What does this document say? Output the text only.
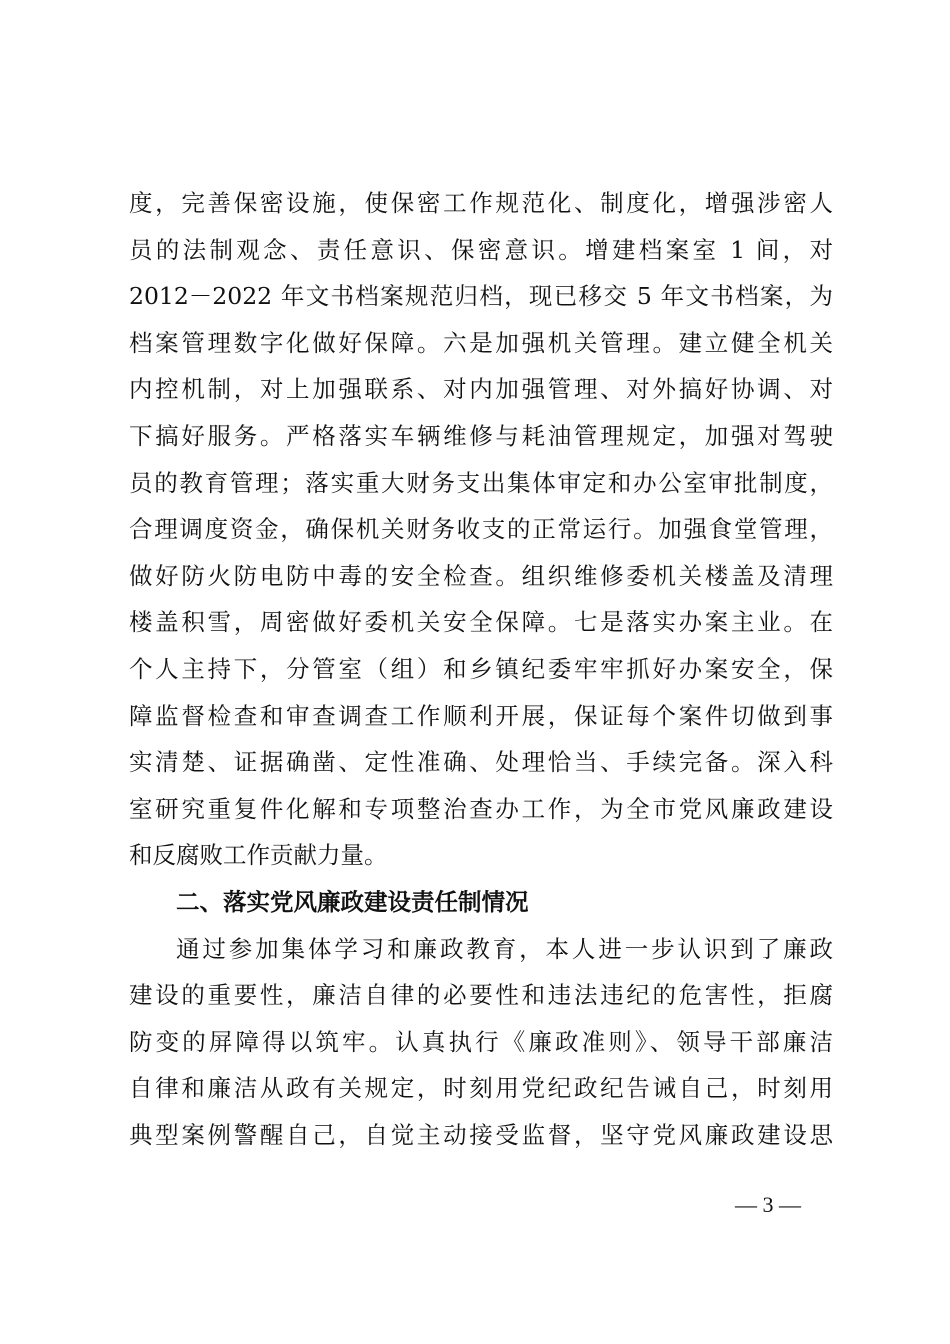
度，完善保密设施，使保密工作规范化、制度化，增强涉密人
员的法制观念、责任意识、保密意识。增建档案室 1 间，对
2012－2022 年文书档案规范归档，现已移交 5 年文书档案，为
档案管理数字化做好保障。六是加强机关管理。建立健全机关
内控机制，对上加强联系、对内加强管理、对外搞好协调、对
下搞好服务。严格落实车辆维修与耗油管理规定，加强对驾驶
员的教育管理；落实重大财务支出集体审定和办公室审批制度，
合理调度资金，确保机关财务收支的正常运行。加强食堂管理，
做好防火防电防中毒的安全检查。组织维修委机关楼盖及清理
楼盖积雪，周密做好委机关安全保障。七是落实办案主业。在
个人主持下，分管室（组）和乡镇纪委牢牢抓好办案安全，保
障监督检查和审查调查工作顺利开展，保证每个案件切做到事
实清楚、证据确凿、定性准确、处理恰当、手续完备。深入科
室研究重复件化解和专项整治查办工作，为全市党风廉政建设
和反腐败工作贡献力量。
二、落实党风廉政建设责任制情况
通过参加集体学习和廉政教育，本人进一步认识到了廉政
建设的重要性，廉洁自律的必要性和违法违纪的危害性，拒腐
防变的屏障得以筑牢。认真执行《廉政准则》、领导干部廉洁
自律和廉洁从政有关规定，时刻用党纪政纪告诫自己，时刻用
典型案例警醒自己，自觉主动接受监督，坚守党风廉政建设思
— 3 —
